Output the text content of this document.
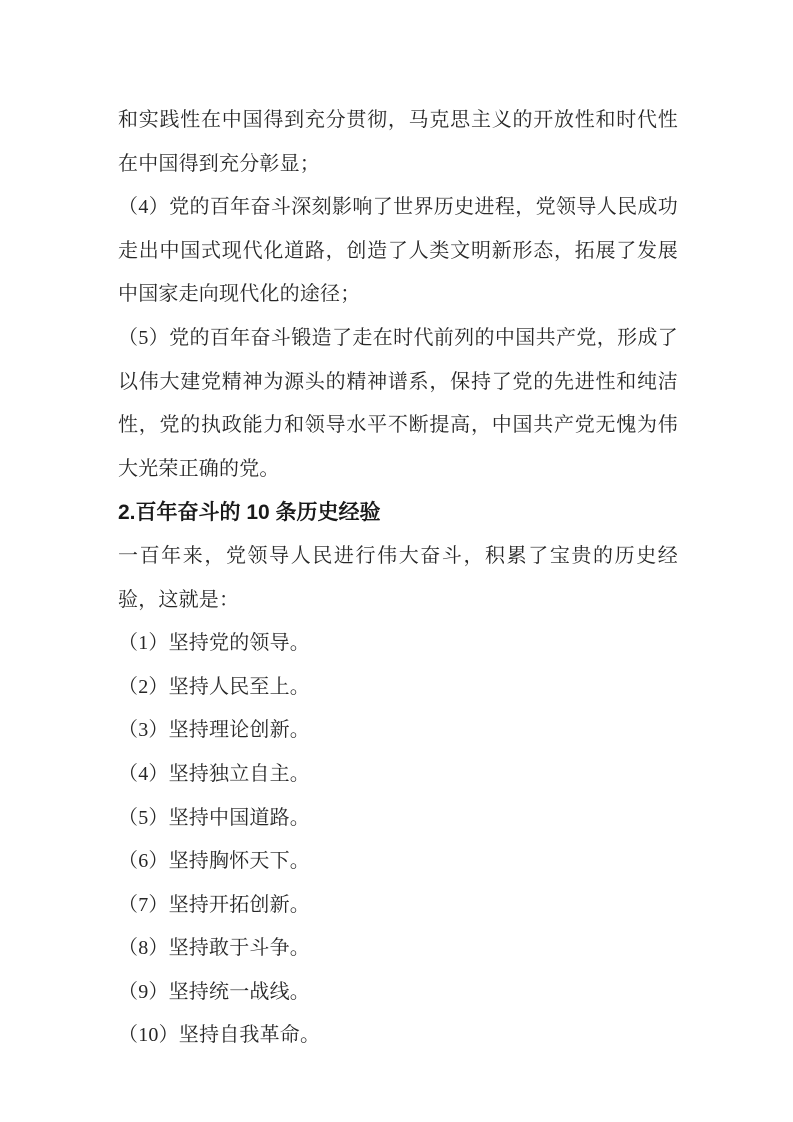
和实践性在中国得到充分贯彻，马克思主义的开放性和时代性在中国得到充分彰显；

（4）党的百年奋斗深刻影响了世界历史进程，党领导人民成功走出中国式现代化道路，创造了人类文明新形态，拓展了发展中国家走向现代化的途径；

（5）党的百年奋斗锻造了走在时代前列的中国共产党，形成了以伟大建党精神为源头的精神谱系，保持了党的先进性和纯洁性，党的执政能力和领导水平不断提高，中国共产党无愧为伟大光荣正确的党。

2.百年奋斗的 10 条历史经验

一百年来，党领导人民进行伟大奋斗，积累了宝贵的历史经验，这就是：

（1）坚持党的领导。

（2）坚持人民至上。

（3）坚持理论创新。

（4）坚持独立自主。

（5）坚持中国道路。

（6）坚持胸怀天下。

（7）坚持开拓创新。

（8）坚持敢于斗争。

（9）坚持统一战线。

（10）坚持自我革命。
